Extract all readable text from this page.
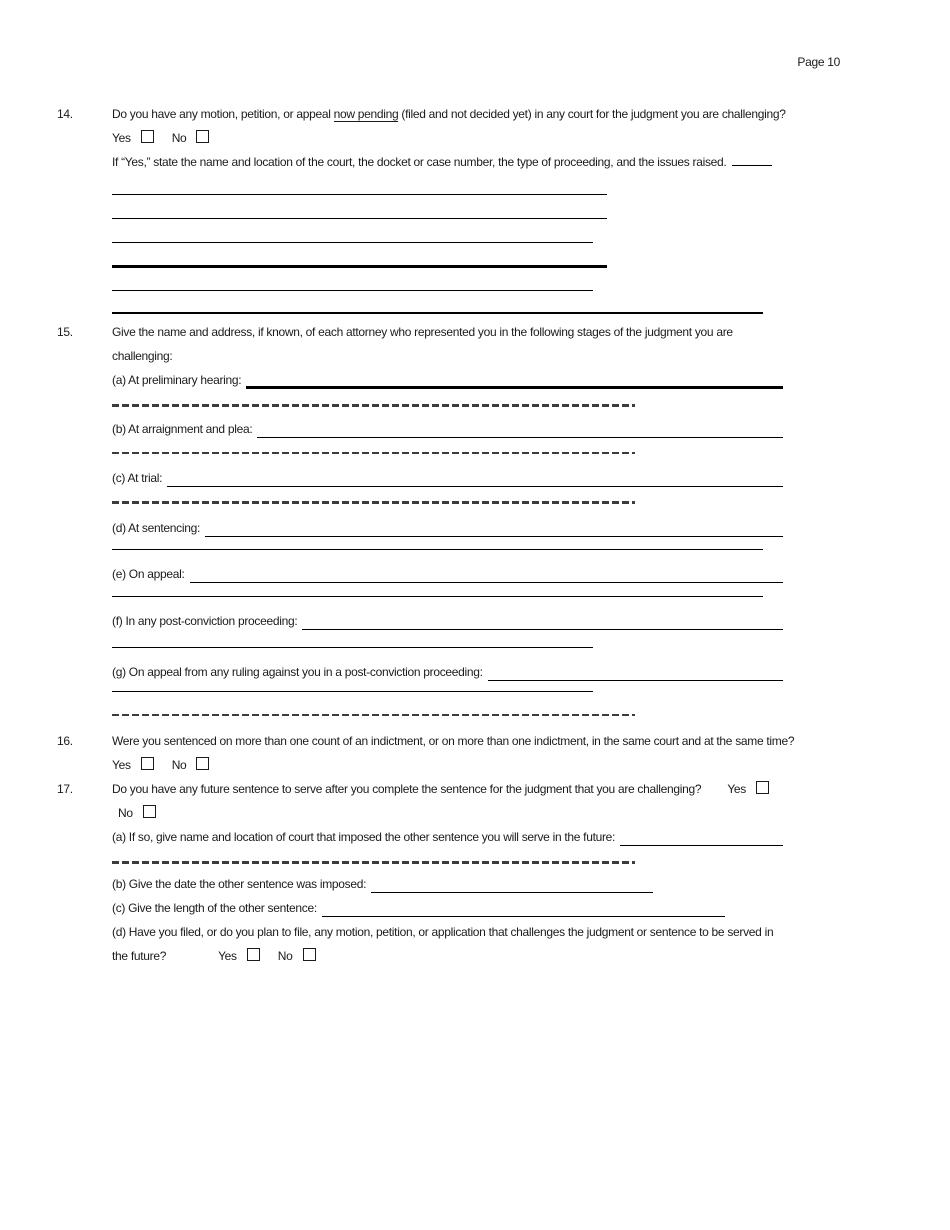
Page 10
14.	Do you have any motion, petition, or appeal now pending (filed and not decided yet) in any court for the judgment you are challenging?
Yes	No
If “Yes,” state the name and location of the court, the docket or case number, the type of proceeding, and the issues raised.
15.	Give the name and address, if known, of each attorney who represented you in the following stages of the judgment you are
challenging:
(a) At preliminary hearing:
(b) At arraignment and plea:
(c) At trial:
(d) At sentencing:
(e) On appeal:
(f) In any post-conviction proceeding:
(g) On appeal from any ruling against you in a post-conviction proceeding:
16.	Were you sentenced on more than one count of an indictment, or on more than one indictment, in the same court and at the same time?
Yes	No
17.	Do you have any future sentence to serve after you complete the sentence for the judgment that you are challenging? Yes
No
(a) If so, give name and location of court that imposed the other sentence you will serve in the future:
(b) Give the date the other sentence was imposed:
(c) Give the length of the other sentence:
(d) Have you filed, or do you plan to file, any motion, petition, or application that challenges the judgment or sentence to be served in
the future?	Yes	No
